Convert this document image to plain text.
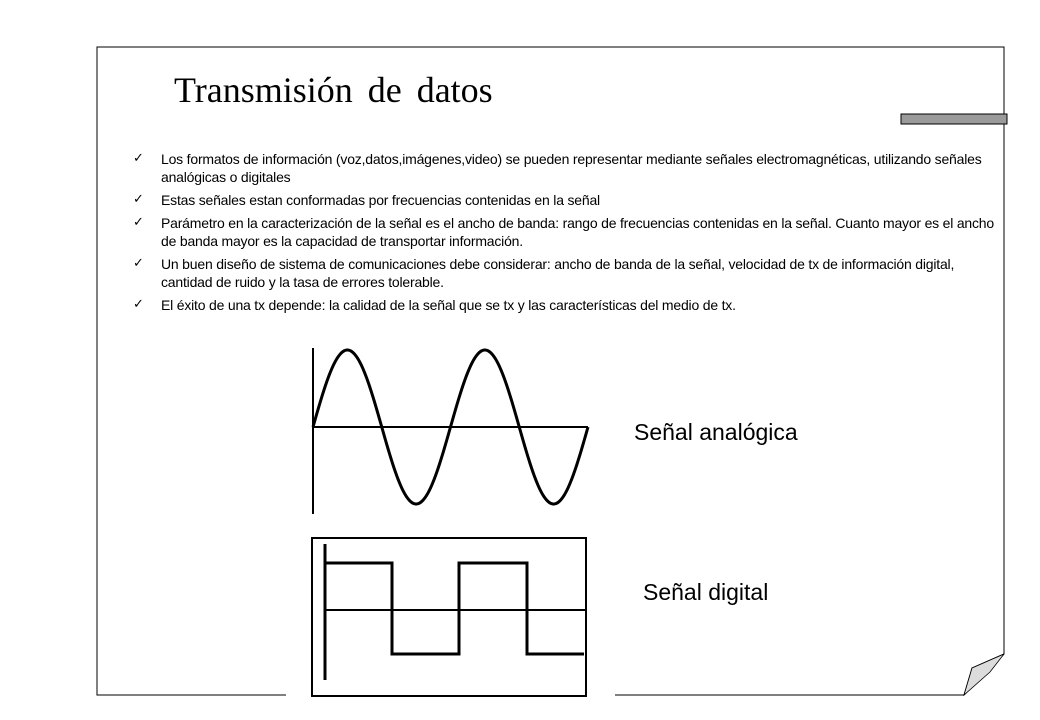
Transmisión de datos
✓ Los formatos de información (voz,datos,imágenes,video) se pueden representar mediante señales electromagnéticas, utilizando señales analógicas o digitales
✓ Estas señales estan conformadas por frecuencias contenidas en la señal
✓ Parámetro en la caracterización de la señal es el ancho de banda: rango de frecuencias contenidas en la señal. Cuanto mayor es el ancho de banda mayor es la capacidad de transportar información.
✓ Un buen diseño de sistema de comunicaciones debe considerar: ancho de banda de la señal, velocidad de tx de información digital, cantidad de ruido y la tasa de errores tolerable.
✓ El éxito de una tx depende: la calidad de la señal que se tx y las características del medio de tx.
Señal analógica
Señal digital
